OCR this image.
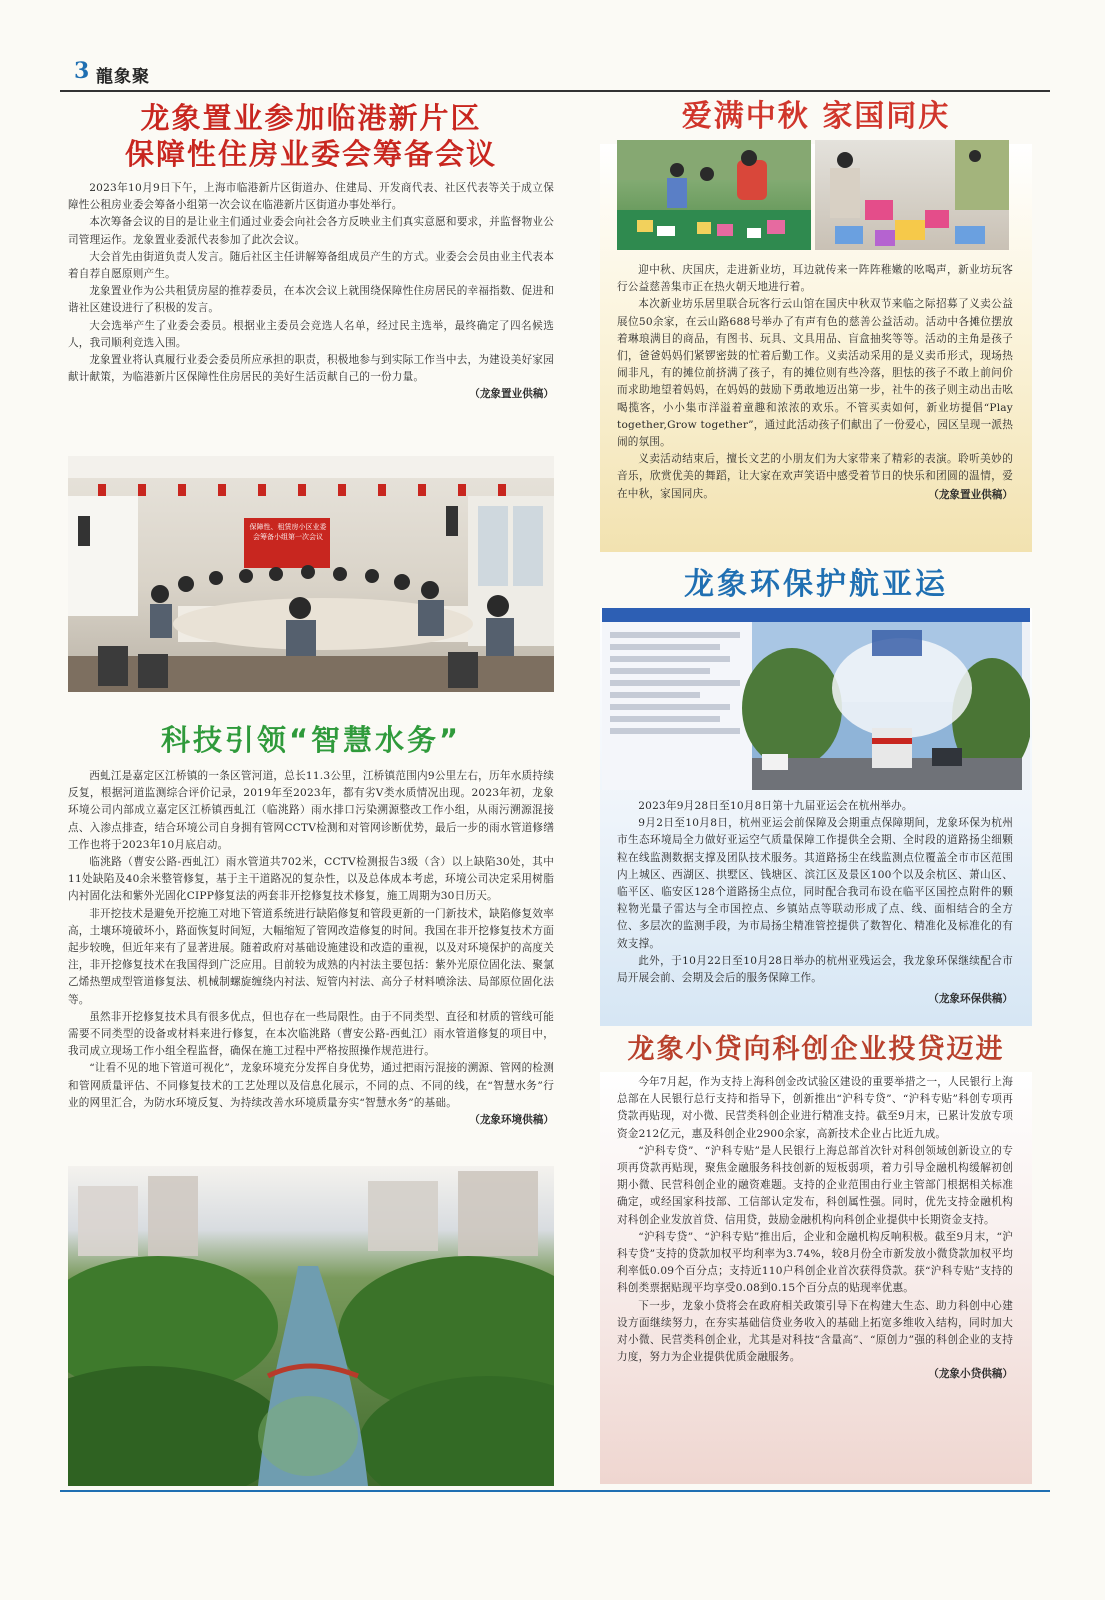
3 龍象聚
龙象置业参加临港新片区
保障性住房业委会筹备会议

2023年10月9日下午，上海市临港新片区街道办、住建局、开发商代表、社区代表等关于成立保障性公租房业委会筹备小组第一次会议在临港新片区街道办事处举行。

本次筹备会议的目的是让业主们通过业委会向社会各方反映业主们真实意愿和要求，并监督物业公司管理运作。龙象置业委派代表参加了此次会议。

大会首先由街道负责人发言。随后社区主任讲解筹备组成员产生的方式。业委会会员由业主代表本着自荐自愿原则产生。

龙象置业作为公共租赁房屋的推荐委员，在本次会议上就围绕保障性住房居民的幸福指数、促进和谐社区建设进行了积极的发言。

大会选举产生了业委会委员。根据业主委员会竞选人名单，经过民主选举，最终确定了四名候选人，我司顺利竞选入围。

龙象置业将认真履行业委会委员所应承担的职责，积极地参与到实际工作当中去，为建设美好家园献计献策，为临港新片区保障性住房居民的美好生活贡献自己的一份力量。

（龙象置业供稿）

保障性、租赁房小区业委会筹备小组第一次会议
科技引领“智慧水务”

西虬江是嘉定区江桥镇的一条区管河道，总长11.3公里，江桥镇范围内9公里左右，历年水质持续反复，根据河道监测综合评价记录，2019年至2023年，都有劣Ⅴ类水质情况出现。2023年初，龙象环境公司内部成立嘉定区江桥镇西虬江（临洮路）雨水排口污染溯源整改工作小组，从雨污溯源混接点、入渗点排查，结合环境公司自身拥有管网CCTV检测和对管网诊断优势，最后一步的雨水管道修缮工作也将于2023年10月底启动。

临洮路（曹安公路-西虬江）雨水管道共702米，CCTV检测报告3级（含）以上缺陷30处，其中11处缺陷及40余米整管修复，基于主干道路况的复杂性，以及总体成本考虑，环境公司决定采用树脂内衬固化法和紫外光固化CIPP修复法的两套非开挖修复技术修复，施工周期为30日历天。

非开挖技术是避免开挖施工对地下管道系统进行缺陷修复和管段更新的一门新技术，缺陷修复效率高，土壤环境破坏小，路面恢复时间短，大幅缩短了管网改造修复的时间。我国在非开挖修复技术方面起步较晚，但近年来有了显著进展。随着政府对基础设施建设和改造的重视，以及对环境保护的高度关注，非开挖修复技术在我国得到广泛应用。目前较为成熟的内衬法主要包括：紫外光原位固化法、聚氯乙烯热塑成型管道修复法、机械制螺旋缠绕内衬法、短管内衬法、高分子材料喷涂法、局部原位固化法等。

虽然非开挖修复技术具有很多优点，但也存在一些局限性。由于不同类型、直径和材质的管线可能需要不同类型的设备或材料来进行修复，在本次临洮路（曹安公路-西虬江）雨水管道修复的项目中，我司成立现场工作小组全程监督，确保在施工过程中严格按照操作规范进行。

“让看不见的地下管道可视化”，龙象环境充分发挥自身优势，通过把雨污混接的溯源、管网的检测和管网质量评估、不同修复技术的工艺处理以及信息化展示，不同的点、不同的线，在“智慧水务”行业的网里汇合，为防水环境反复、为持续改善水环境质量夯实“智慧水务”的基础。

（龙象环境供稿）

爱满中秋 家国同庆

迎中秋、庆国庆，走进新业坊，耳边就传来一阵阵稚嫩的吆喝声，新业坊玩客行公益慈善集市正在热火朝天地进行着。

本次新业坊乐居里联合玩客行云山馆在国庆中秋双节来临之际招募了义卖公益展位50余家，在云山路688号举办了有声有色的慈善公益活动。活动中各摊位摆放着琳琅满目的商品，有图书、玩具、文具用品、盲盒抽奖等等。活动的主角是孩子们，爸爸妈妈们紧锣密鼓的忙着后勤工作。义卖活动采用的是义卖币形式，现场热闹非凡，有的摊位前挤满了孩子，有的摊位则有些冷落，胆怯的孩子不敢上前问价而求助地望着妈妈，在妈妈的鼓励下勇敢地迈出第一步，社牛的孩子则主动出击吆喝揽客，小小集市洋溢着童趣和浓浓的欢乐。不管买卖如何，新业坊提倡“Play together,Grow together”，通过此活动孩子们献出了一份爱心，园区呈现一派热闹的氛围。

义卖活动结束后，擅长文艺的小朋友们为大家带来了精彩的表演。聆听美妙的音乐，欣赏优美的舞蹈，让大家在欢声笑语中感受着节日的快乐和团圆的温情，爱在中秋，家国同庆。	（龙象置业供稿）

龙象环保护航亚运

2023年9月28日至10月8日第十九届亚运会在杭州举办。

9月2日至10月8日，杭州亚运会前保障及会期重点保障期间，龙象环保为杭州市生态环境局全力做好亚运空气质量保障工作提供全会期、全时段的道路扬尘细颗粒在线监测数据支撑及团队技术服务。其道路扬尘在线监测点位覆盖全市市区范围内上城区、西湖区、拱墅区、钱塘区、滨江区及景区100个以及余杭区、萧山区、临平区、临安区128个道路扬尘点位，同时配合我司布设在临平区国控点附件的颗粒物光量子雷达与全市国控点、乡镇站点等联动形成了点、线、面相结合的全方位、多层次的监测手段，为市局扬尘精准管控提供了数智化、精准化及标准化的有效支撑。

此外，于10月22日至10月28日举办的杭州亚残运会，我龙象环保继续配合市局开展会前、会期及会后的服务保障工作。

（龙象环保供稿）

龙象小贷向科创企业投贷迈进

今年7月起，作为支持上海科创金改试验区建设的重要举措之一，人民银行上海总部在人民银行总行支持和指导下，创新推出“沪科专贷”、“沪科专贴”科创专项再贷款再贴现，对小微、民营类科创企业进行精准支持。截至9月末，已累计发放专项资金212亿元，惠及科创企业2900余家，高新技术企业占比近九成。

“沪科专贷”、“沪科专贴”是人民银行上海总部首次针对科创领域创新设立的专项再贷款再贴现，聚焦金融服务科技创新的短板弱项，着力引导金融机构缓解初创期小微、民营科创企业的融资难题。支持的企业范围由行业主管部门根据相关标准确定，或经国家科技部、工信部认定发布，科创属性强。同时，优先支持金融机构对科创企业发放首贷、信用贷，鼓励金融机构向科创企业提供中长期资金支持。

“沪科专贷”、“沪科专贴”推出后，企业和金融机构反响积极。截至9月末，“沪科专贷”支持的贷款加权平均利率为3.74%，较8月份全市新发放小微贷款加权平均利率低0.09个百分点；支持近110户科创企业首次获得贷款。获“沪科专贴”支持的科创类票据贴现平均享受0.08到0.15个百分点的贴现率优惠。

下一步，龙象小贷将会在政府相关政策引导下在构建大生态、助力科创中心建设方面继续努力，在夯实基础信贷业务收入的基础上拓宽多维收入结构，同时加大对小微、民营类科创企业，尤其是对科技“含量高”、“原创力”强的科创企业的支持力度，努力为企业提供优质金融服务。

（龙象小贷供稿）
